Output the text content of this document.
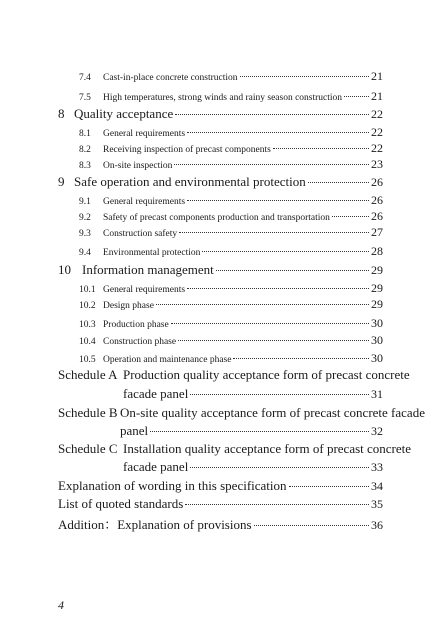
7.4	Cast-in-place concrete construction	21
7.5	High temperatures, strong winds and rainy season construction 21
8 Quality acceptance	22
8.1	General requirements	22
8.2	Receiving inspection of precast components	22
8.3	On-site inspection	23
9 Safe operation and environmental protection	26
9.1	General requirements	26
9.2	Safety of precast components production and transportation	26
9.3	Construction safety	27
9.4	Environmental protection	28
10 Information management	29
10.1 General requirements	29
10.2 Design phase	29
10.3 Production phase	30
10.4 Construction phase	30
10.5 Operation and maintenance phase	30
Schedule A Production quality acceptance form of precast concrete
facade panel	31
Schedule B On-site quality acceptance form of precast concrete facade
panel	32
Schedule C Installation quality acceptance form of precast concrete
facade panel	33
Explanation of wording in this specification	34
List of quoted standards	35
Addition：Explanation of provisions	36
4
